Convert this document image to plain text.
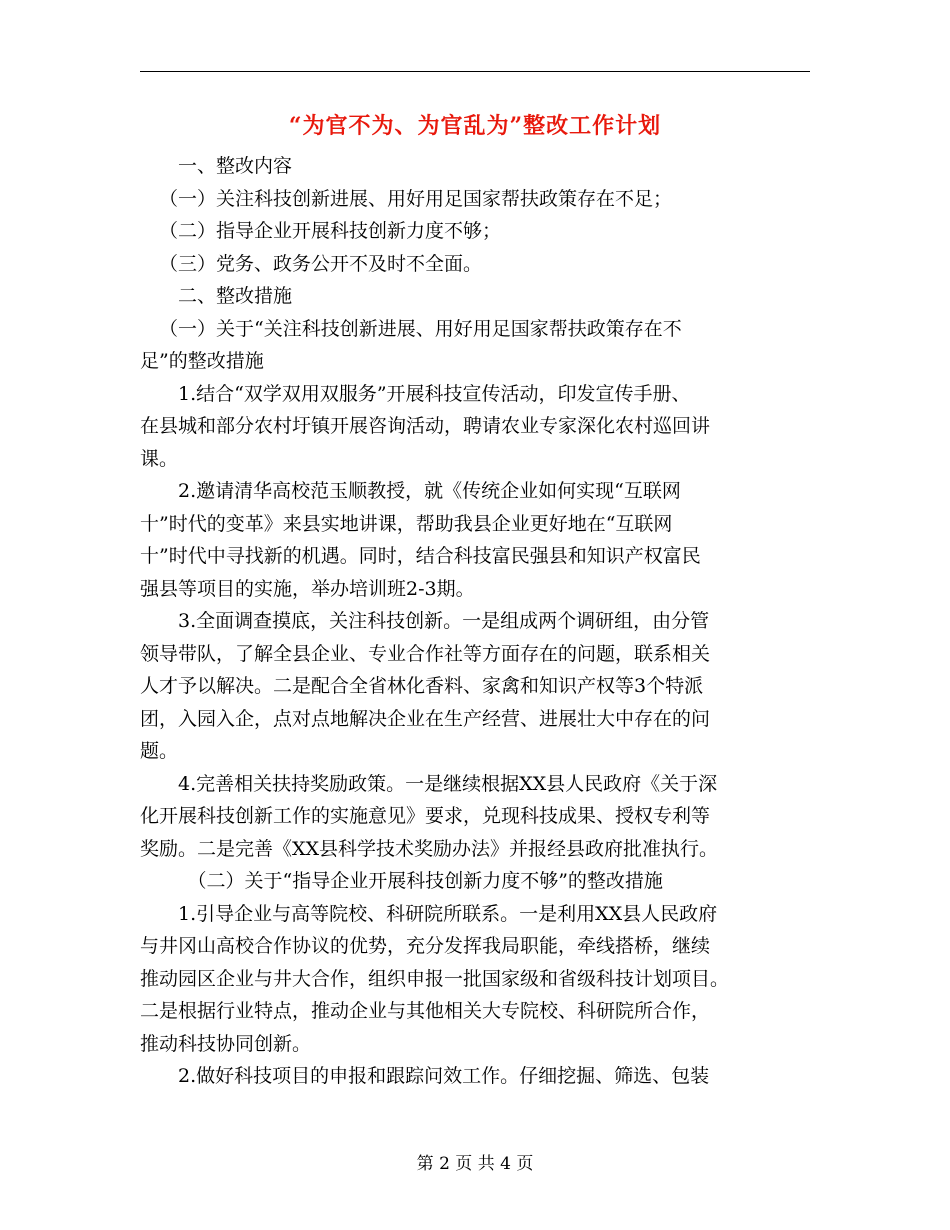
“为官不为、为官乱为”整改工作计划

一、整改内容

（一）关注科技创新进展、用好用足国家帮扶政策存在不足；

（二）指导企业开展科技创新力度不够；

（三）党务、政务公开不及时不全面。

二、整改措施

（一）关于“关注科技创新进展、用好用足国家帮扶政策存在不

足”的整改措施

1.结合“双学双用双服务”开展科技宣传活动，印发宣传手册、

在县城和部分农村圩镇开展咨询活动，聘请农业专家深化农村巡回讲

课。

2.邀请清华高校范玉顺教授，就《传统企业如何实现“互联网

十”时代的变革》来县实地讲课，帮助我县企业更好地在“互联网

十”时代中寻找新的机遇。同时，结合科技富民强县和知识产权富民

强县等项目的实施，举办培训班2-3期。

3.全面调查摸底，关注科技创新。一是组成两个调研组，由分管

领导带队，了解全县企业、专业合作社等方面存在的问题，联系相关

人才予以解决。二是配合全省林化香料、家禽和知识产权等3个特派

团，入园入企，点对点地解决企业在生产经营、进展壮大中存在的问

题。

4.完善相关扶持奖励政策。一是继续根据XX县人民政府《关于深

化开展科技创新工作的实施意见》要求，兑现科技成果、授权专利等

奖励。二是完善《XX县科学技术奖励办法》并报经县政府批准执行。

（二）关于“指导企业开展科技创新力度不够”的整改措施

1.引导企业与高等院校、科研院所联系。一是利用XX县人民政府

与井冈山高校合作协议的优势，充分发挥我局职能，牵线搭桥，继续

推动园区企业与井大合作，组织申报一批国家级和省级科技计划项目。

二是根据行业特点，推动企业与其他相关大专院校、科研院所合作，

推动科技协同创新。

2.做好科技项目的申报和跟踪问效工作。仔细挖掘、筛选、包装

第 2 页 共 4 页
